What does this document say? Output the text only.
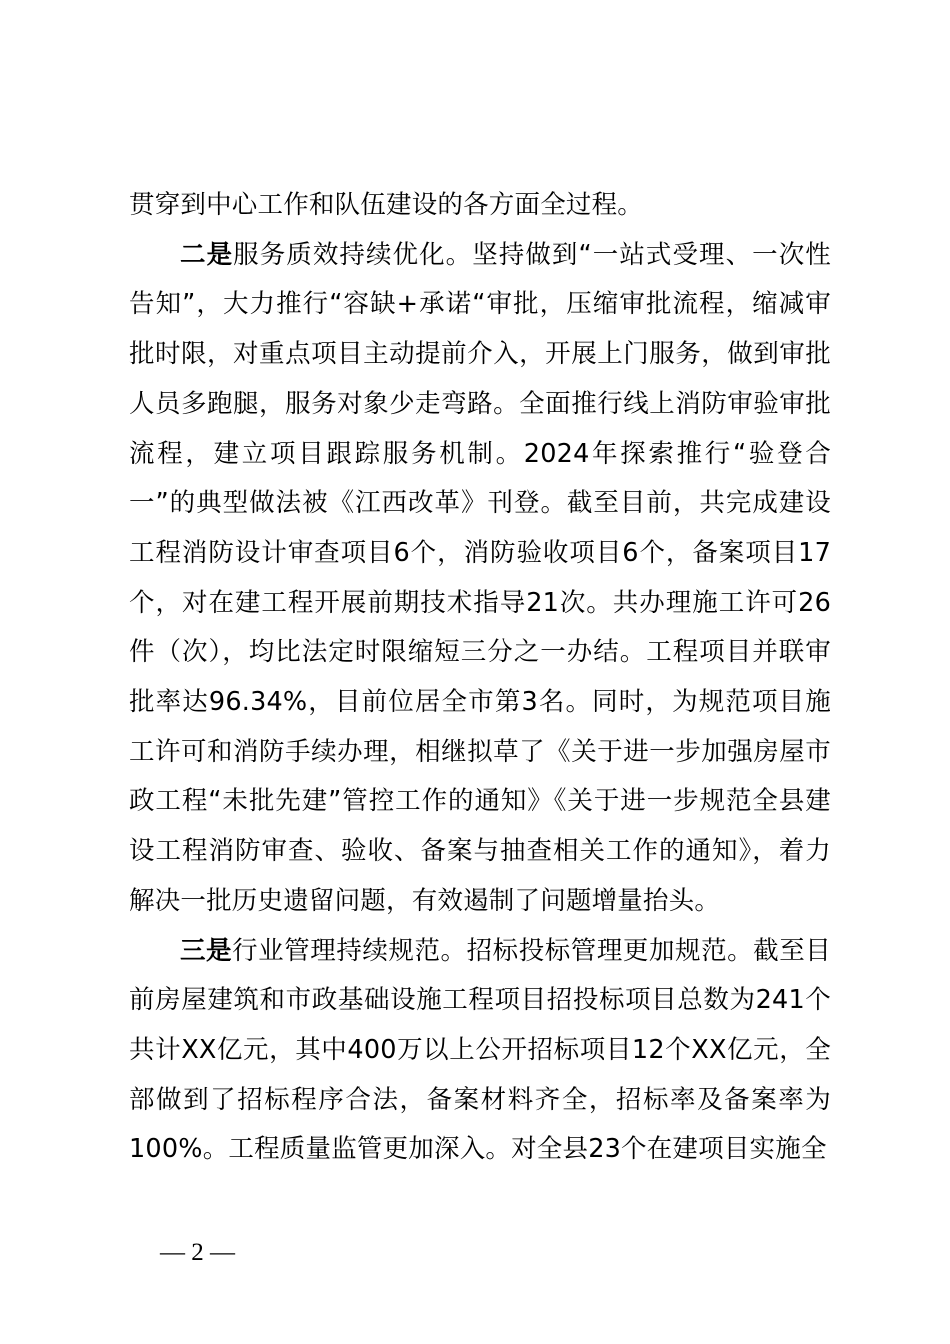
贯穿到中心工作和队伍建设的各方面全过程。

二是服务质效持续优化。坚持做到“一站式受理、一次性告知”，大力推行“容缺+承诺“审批，压缩审批流程，缩减审批时限，对重点项目主动提前介入，开展上门服务，做到审批人员多跑腿，服务对象少走弯路。全面推行线上消防审验审批流程，建立项目跟踪服务机制。2024年探索推行“验登合一”的典型做法被《江西改革》刊登。截至目前，共完成建设工程消防设计审查项目6个，消防验收项目6个，备案项目17个，对在建工程开展前期技术指导21次。共办理施工许可26件（次），均比法定时限缩短三分之一办结。工程项目并联审批率达96.34%，目前位居全市第3名。同时，为规范项目施工许可和消防手续办理，相继拟草了《关于进一步加强房屋市政工程“未批先建”管控工作的通知》《关于进一步规范全县建设工程消防审查、验收、备案与抽查相关工作的通知》，着力解决一批历史遗留问题，有效遏制了问题增量抬头。

三是行业管理持续规范。招标投标管理更加规范。截至目前房屋建筑和市政基础设施工程项目招投标项目总数为241个共计XX亿元，其中400万以上公开招标项目12个XX亿元，全部做到了招标程序合法，备案材料齐全，招标率及备案率为100%。工程质量监管更加深入。对全县23个在建项目实施全

— 2 —
